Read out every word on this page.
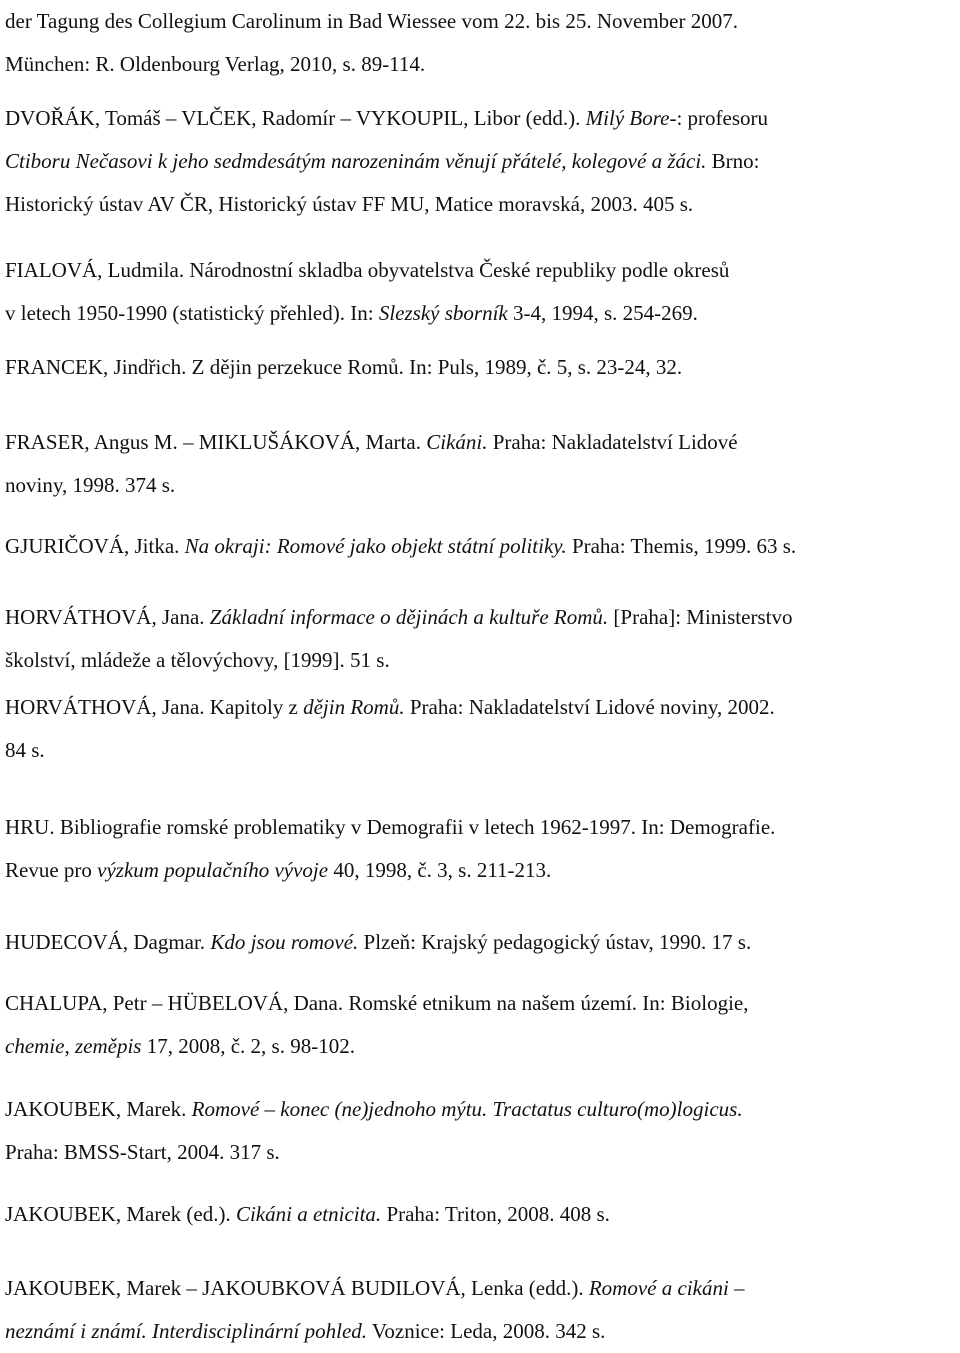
der Tagung des Collegium Carolinum in Bad Wiessee vom 22. bis 25. November 2007.
München: R. Oldenbourg Verlag, 2010, s. 89-114.
DVOŘÁK, Tomáš – VLČEK, Radomír – VYKOUPIL, Libor (edd.). Milý Bore-: profesoru
Ctiboru Nečasovi k jeho sedmdesátým narozeninám věnují přátelé, kolegové a žáci. Brno:
Historický ústav AV ČR, Historický ústav FF MU, Matice moravská, 2003. 405 s.
FIALOVÁ, Ludmila. Národnostní skladba obyvatelstva České republiky podle okresů
v letech 1950-1990 (statistický přehled). In: Slezský sborník 3-4, 1994, s. 254-269.
FRANCEK, Jindřich. Z dějin perzekuce Romů. In: Puls, 1989, č. 5, s. 23-24, 32.
FRASER, Angus M. – MIKLUŠÁKOVÁ, Marta. Cikáni. Praha: Nakladatelství Lidové
noviny, 1998. 374 s.
GJURIČOVÁ, Jitka. Na okraji: Romové jako objekt státní politiky. Praha: Themis, 1999. 63 s.
HORVÁTHOVÁ, Jana. Základní informace o dějinách a kultuře Romů. [Praha]: Ministerstvo
školství, mládeže a tělovýchovy, [1999]. 51 s.
HORVÁTHOVÁ, Jana. Kapitoly z dějin Romů. Praha: Nakladatelství Lidové noviny, 2002.
84 s.
HRU. Bibliografie romské problematiky v Demografii v letech 1962-1997. In: Demografie.
Revue pro výzkum populačního vývoje 40, 1998, č. 3, s. 211-213.
HUDECOVÁ, Dagmar. Kdo jsou romové. Plzeň: Krajský pedagogický ústav, 1990. 17 s.
CHALUPA, Petr – HÜBELOVÁ, Dana. Romské etnikum na našem území. In: Biologie,
chemie, zeměpis 17, 2008, č. 2, s. 98-102.
JAKOUBEK, Marek. Romové – konec (ne)jednoho mýtu. Tractatus culturo(mo)logicus.
Praha: BMSS-Start, 2004. 317 s.
JAKOUBEK, Marek (ed.). Cikáni a etnicita. Praha: Triton, 2008. 408 s.
JAKOUBEK, Marek – JAKOUBKOVÁ BUDILOVÁ, Lenka (edd.). Romové a cikáni –
neznámí i známí. Interdisciplinární pohled. Voznice: Leda, 2008. 342 s.
